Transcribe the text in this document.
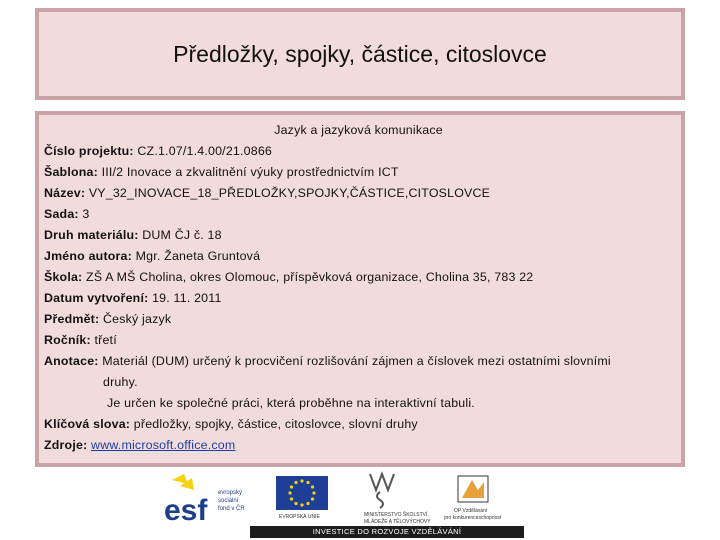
Předložky, spojky, částice, citoslovce
Jazyk a jazyková komunikace
Číslo projektu: CZ.1.07/1.4.00/21.0866
Šablona: III/2 Inovace a zkvalitnění výuky prostřednictvím ICT
Název: VY_32_INOVACE_18_PŘEDLOŽKY,SPOJKY,ČÁSTICE,CITOSLOVCE
Sada: 3
Druh materiálu: DUM ČJ č. 18
Jméno autora: Mgr. Žaneta Gruntová
Škola: ZŠ A MŠ Cholina, okres Olomouc, příspěvková organizace, Cholina 35, 783 22
Datum vytvoření: 19. 11. 2011
Předmět: Český jazyk
Ročník: třetí
Anotace: Materiál (DUM) určený k procvičení rozlišování zájmen a číslovek mezi ostatními slovními
druhy.
Je určen ke společné práci, která proběhne na interaktivní tabuli.
Klíčová slova: předložky, spojky, částice, citoslovce, slovní druhy
Zdroje: www.microsoft.office.com
esf
evropský
sociální
fond v ČR
EVROPSKÁ UNIE	MINISTERSTVO ŠKOLSTVÍ,
MLÁDEŽE A TĚLOVÝCHOVY
OP Vzdělávání
pro konkurenceschopnost
INVESTICE DO ROZVOJE VZDĚLÁVÁNÍ
